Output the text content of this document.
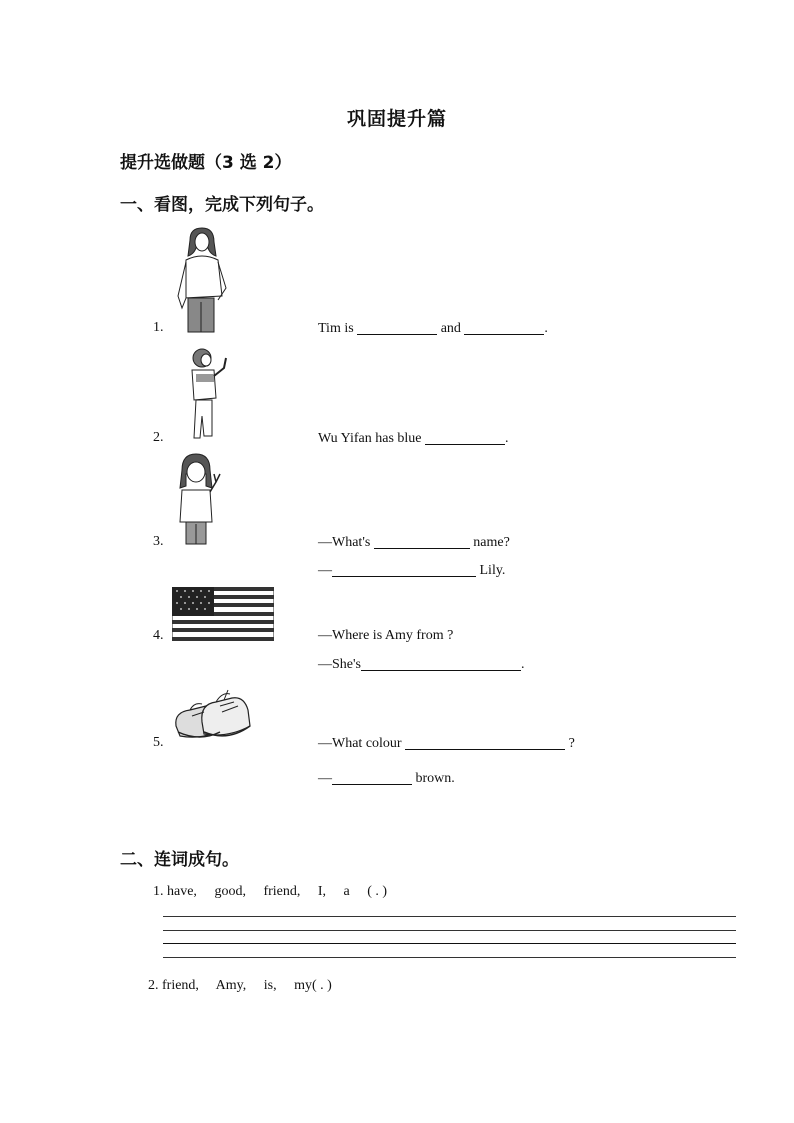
巩固提升篇
提升选做题（3 选 2）
一、看图，完成下列句子。
1.	Tim is	and	.
2.	Wu Yifan has blue	.
3.	—What's	name?
—	Lily.
4.	—Where is Amy from ?
—She's	.
5.	—What colour	?
—	brown.
二、连词成句。
1. have, good, friend, I, a ( . )
2. friend, Amy, is, my( . )
